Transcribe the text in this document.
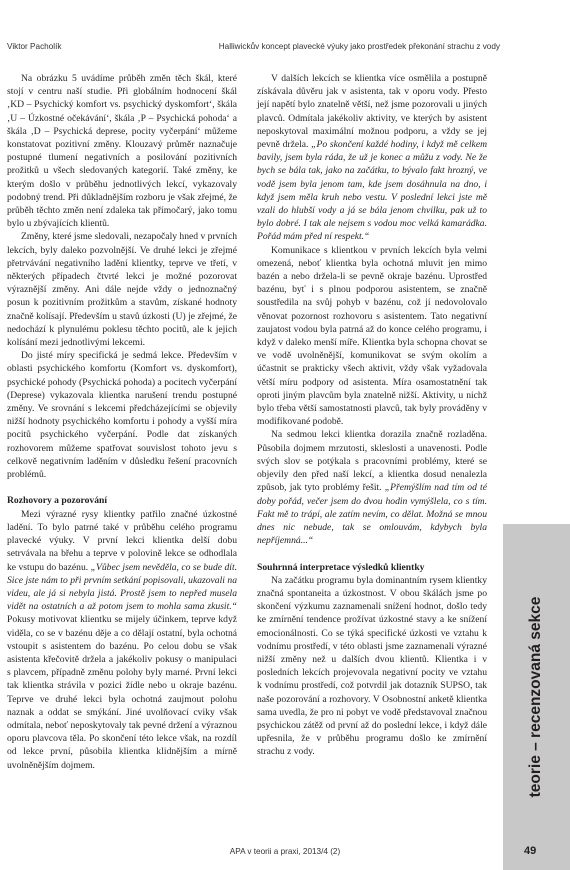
Viktor Pacholík	Halliwickův koncept plavecké výuky jako prostředek překonání strachu z vody

Na obrázku 5 uvádíme průběh změn těch škál, které stojí v centru naší studie. Při globálním hodnocení škál ‚KD – Psychický komfort vs. psychický dyskomfort‘, škála ‚U – Úzkostné očekávání‘, škála ‚P – Psychická pohoda‘ a škála ‚D – Psychická deprese, pocity vyčerpání‘ můžeme konstatovat pozitivní změny. Klouzavý průměr naznačuje postupné tlumení negativních a posilování pozitivních prožitků u všech sledovaných kategorií. Také změny, ke kterým došlo v průběhu jednotlivých lekcí, vykazovaly podobný trend. Při důkladnějším rozboru je však zřejmé, že průběh těchto změn není zdaleka tak přímočarý, jako tomu bylo u zbývajících klientů.

Změny, které jsme sledovali, nezapočaly hned v prvních lekcích, byly daleko pozvolnější. Ve druhé lekci je zřejmé přetrvávání negativního ladění klientky, teprve ve třetí, v některých případech čtvrté lekci je možné pozorovat výraznější změny. Ani dále nejde vždy o jednoznačný posun k pozitivním prožitkům a stavům, získané hodnoty značně kolísají. Především u stavů úzkosti (U) je zřejmé, že nedochází k plynulému poklesu těchto pocitů, ale k jejich kolísání mezi jednotlivými lekcemi.

Do jisté míry specifická je sedmá lekce. Především v oblasti psychického komfortu (Komfort vs. dyskomfort), psychické pohody (Psychická pohoda) a pocitech vyčerpání (Deprese) vykazovala klientka narušení trendu postupné změny. Ve srovnání s lekcemi předcházejícími se objevily nižší hodnoty psychického komfortu i pohody a vyšší míra pocitů psychického vyčerpání. Podle dat získaných rozhovorem můžeme spatřovat souvislost tohoto jevu s celkově negativním laděním v důsledku řešení pracovních problémů.

Rozhovory a pozorování

Mezi výrazné rysy klientky patřilo značné úzkostné ladění. To bylo patrné také v průběhu celého programu plavecké výuky. V první lekci klientka delší dobu setrvávala na břehu a teprve v polovině lekce se odhodlala ke vstupu do bazénu. „Vůbec jsem nevěděla, co se bude dít. Sice jste nám to při prvním setkání popisovali, ukazovali na videu, ale já si nebyla jistá. Prostě jsem to nepřed musela vidět na ostatních a až potom jsem to mohla sama zkusit.“ Pokusy motivovat klientku se mijely účinkem, teprve když viděla, co se v bazénu děje a co dělají ostatní, byla ochotná vstoupit s asistentem do bazénu. Po celou dobu se však asistenta křečovitě držela a jakékoliv pokusy o manipulaci s plavcem, případně změnu polohy byly marné. První lekci tak klientka strávila v pozici žídle nebo u okraje bazénu. Teprve ve druhé lekci byla ochotná zaujmout polohu naznak a oddat se smýkání. Jiné uvolňovací cviky však odmítala, neboť neposkytovaly tak pevné držení a výraznou oporu plavcova těla. Po skončení této lekce však, na rozdíl od lekce první, působila klientka klidnějším a mírně uvolněnějším dojmem.

V dalších lekcích se klientka více osmělila a postupně získávala důvěru jak v asistenta, tak v oporu vody. Přesto její napětí bylo znatelně větší, než jsme pozorovali u jiných plavců. Odmítala jakékoliv aktivity, ve kterých by asistent neposkytoval maximální možnou podporu, a vždy se jej pevně držela. „Po skončení každé hodiny, i když mě celkem bavily, jsem byla ráda, že už je konec a můžu z vody. Ne že bych se bála tak, jako na začátku, to bývalo fakt hrozný, ve vodě jsem byla jenom tam, kde jsem dosáhnula na dno, i když jsem měla kruh nebo vestu. V poslední lekci jste mě vzali do hlubší vody a já se bála jenom chvilku, pak už to bylo dobré. I tak ale nejsem s vodou moc velká kamarádka. Pořád mám před ní respekt.“

Komunikace s klientkou v prvních lekcích byla velmi omezená, neboť klientka byla ochotná mluvit jen mimo bazén a nebo držela-li se pevně okraje bazénu. Uprostřed bazénu, byť i s plnou podporou asistentem, se značně soustředila na svůj pohyb v bazénu, což jí nedovolovalo věnovat pozornost rozhovoru s asistentem. Tato negativní zaujatost vodou byla patrná až do konce celého programu, i když v daleko menší míře. Klientka byla schopna chovat se ve vodě uvolněnější, komunikovat se svým okolím a účastnit se prakticky všech aktivit, vždy však vyžadovala větší míru podpory od asistenta. Míra osamostatnění tak oproti jiným plavcům byla znatelně nižší. Aktivity, u nichž bylo třeba větší samostatnosti plavců, tak byly prováděny v modifikované podobě.

Na sedmou lekci klientka dorazila značně rozladěna. Působila dojmem mrzutosti, skleslosti a unavenosti. Podle svých slov se potýkala s pracovními problémy, které se objevily den před naší lekcí, a klientka dosud nenalezla způsob, jak tyto problémy řešit. „Přemýšlím nad tím od té doby pořád, večer jsem do dvou hodin vymýšlela, co s tím. Fakt mě to trápí, ale zatím nevím, co dělat. Možná se mnou dnes nic nebude, tak se omlouvám, kdybych byla nepříjemná...“

Souhrnná interpretace výsledků klientky

Na začátku programu byla dominantním rysem klientky značná spontaneita a úzkostnost. V obou škálách jsme po skončení výzkumu zaznamenali snížení hodnot, došlo tedy ke zmírnění tendence prožívat úzkostné stavy a ke snížení emocionálnosti. Co se týká specifické úzkosti ve vztahu k vodnímu prostředí, v této oblasti jsme zaznamenali výrazné nižší změny než u dalších dvou klientů. Klientka i v posledních lekcích projevovala negativní pocity ve vztahu k vodnímu prostředí, což potvrdil jak dotazník SUPSO, tak naše pozorování a rozhovory. V Osobnostní anketě klientka sama uvedla, že pro ni pobyt ve vodě představoval značnou psychickou zátěž od první až do poslední lekce, i když dále upřesnila, že v průběhu programu došlo ke zmírnění strachu z vody.

teorie – recenzovaná sekce
APA v teorii a praxi, 2013/4 (2)	49
